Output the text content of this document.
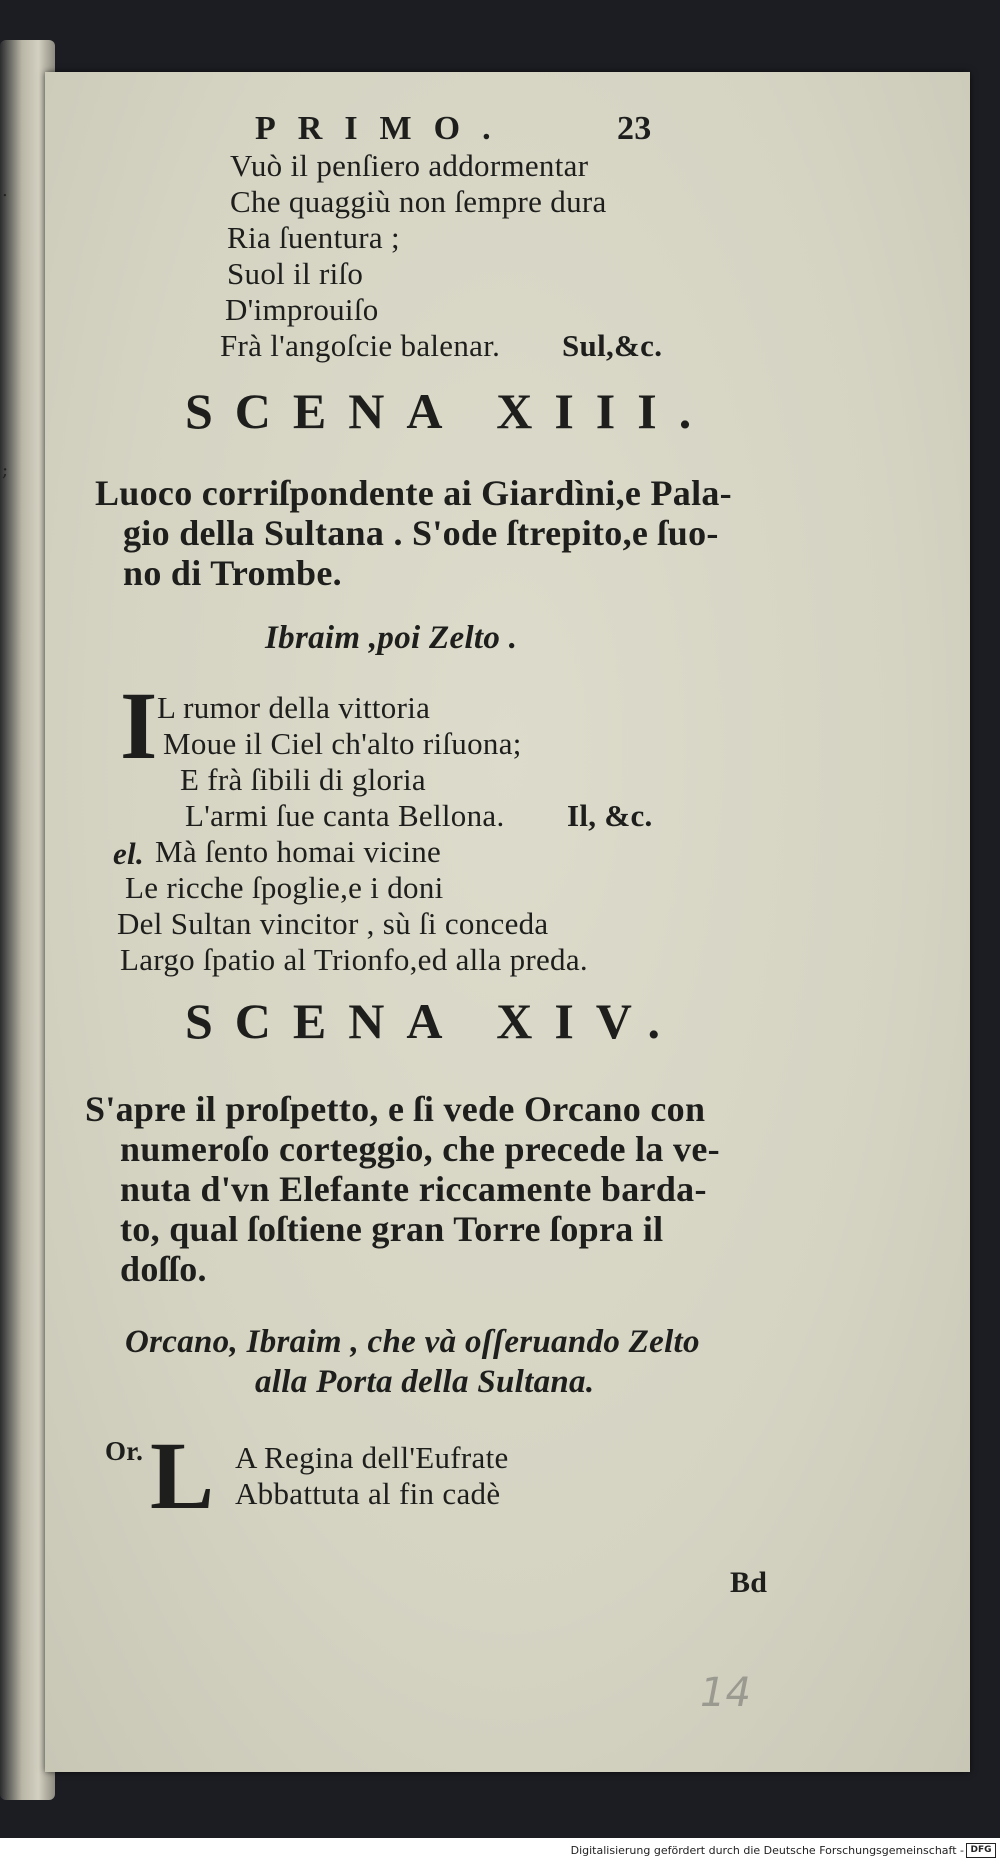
.
;
PRIMO.	23
Vuò il penſiero addormentar
Che quaggiù non ſempre dura
Ria ſuentura ;
Suol il riſo
D'improuiſo
Frà l'angoſcie balenar. Sul,&c.
SCENA XIII.
Luoco corriſpondente ai Giardìni,e Pala-
gio della Sultana . S'ode ſtrepito,e ſuo-
no di Trombe.
Ibraim ,poi Zelto .
I L rumor della vittoria
Moue il Ciel ch'alto riſuona;
E frà ſibili di gloria
L'armi ſue canta Bellona. Il, &c.
el. Mà ſento homai vicine
Le ricche ſpoglie,e i doni
Del Sultan vincitor , sù ſi conceda
Largo ſpatio al Trionfo,ed alla preda.
SCENA XIV.
S'apre il proſpetto, e ſi vede Orcano con
numeroſo corteggio, che precede la ve-
nuta d'vn Elefante riccamente barda-
to, qual ſoſtiene gran Torre ſopra il
doſſo.
Orcano, Ibraim , che và oſſeruando Zelto
alla Porta della Sultana.
Or. L A Regina dell'Eufrate
Abbattuta al fin cadè
Bd
14
Digitalisierung gefördert durch die Deutsche Forschungsgemeinschaft - DFG
